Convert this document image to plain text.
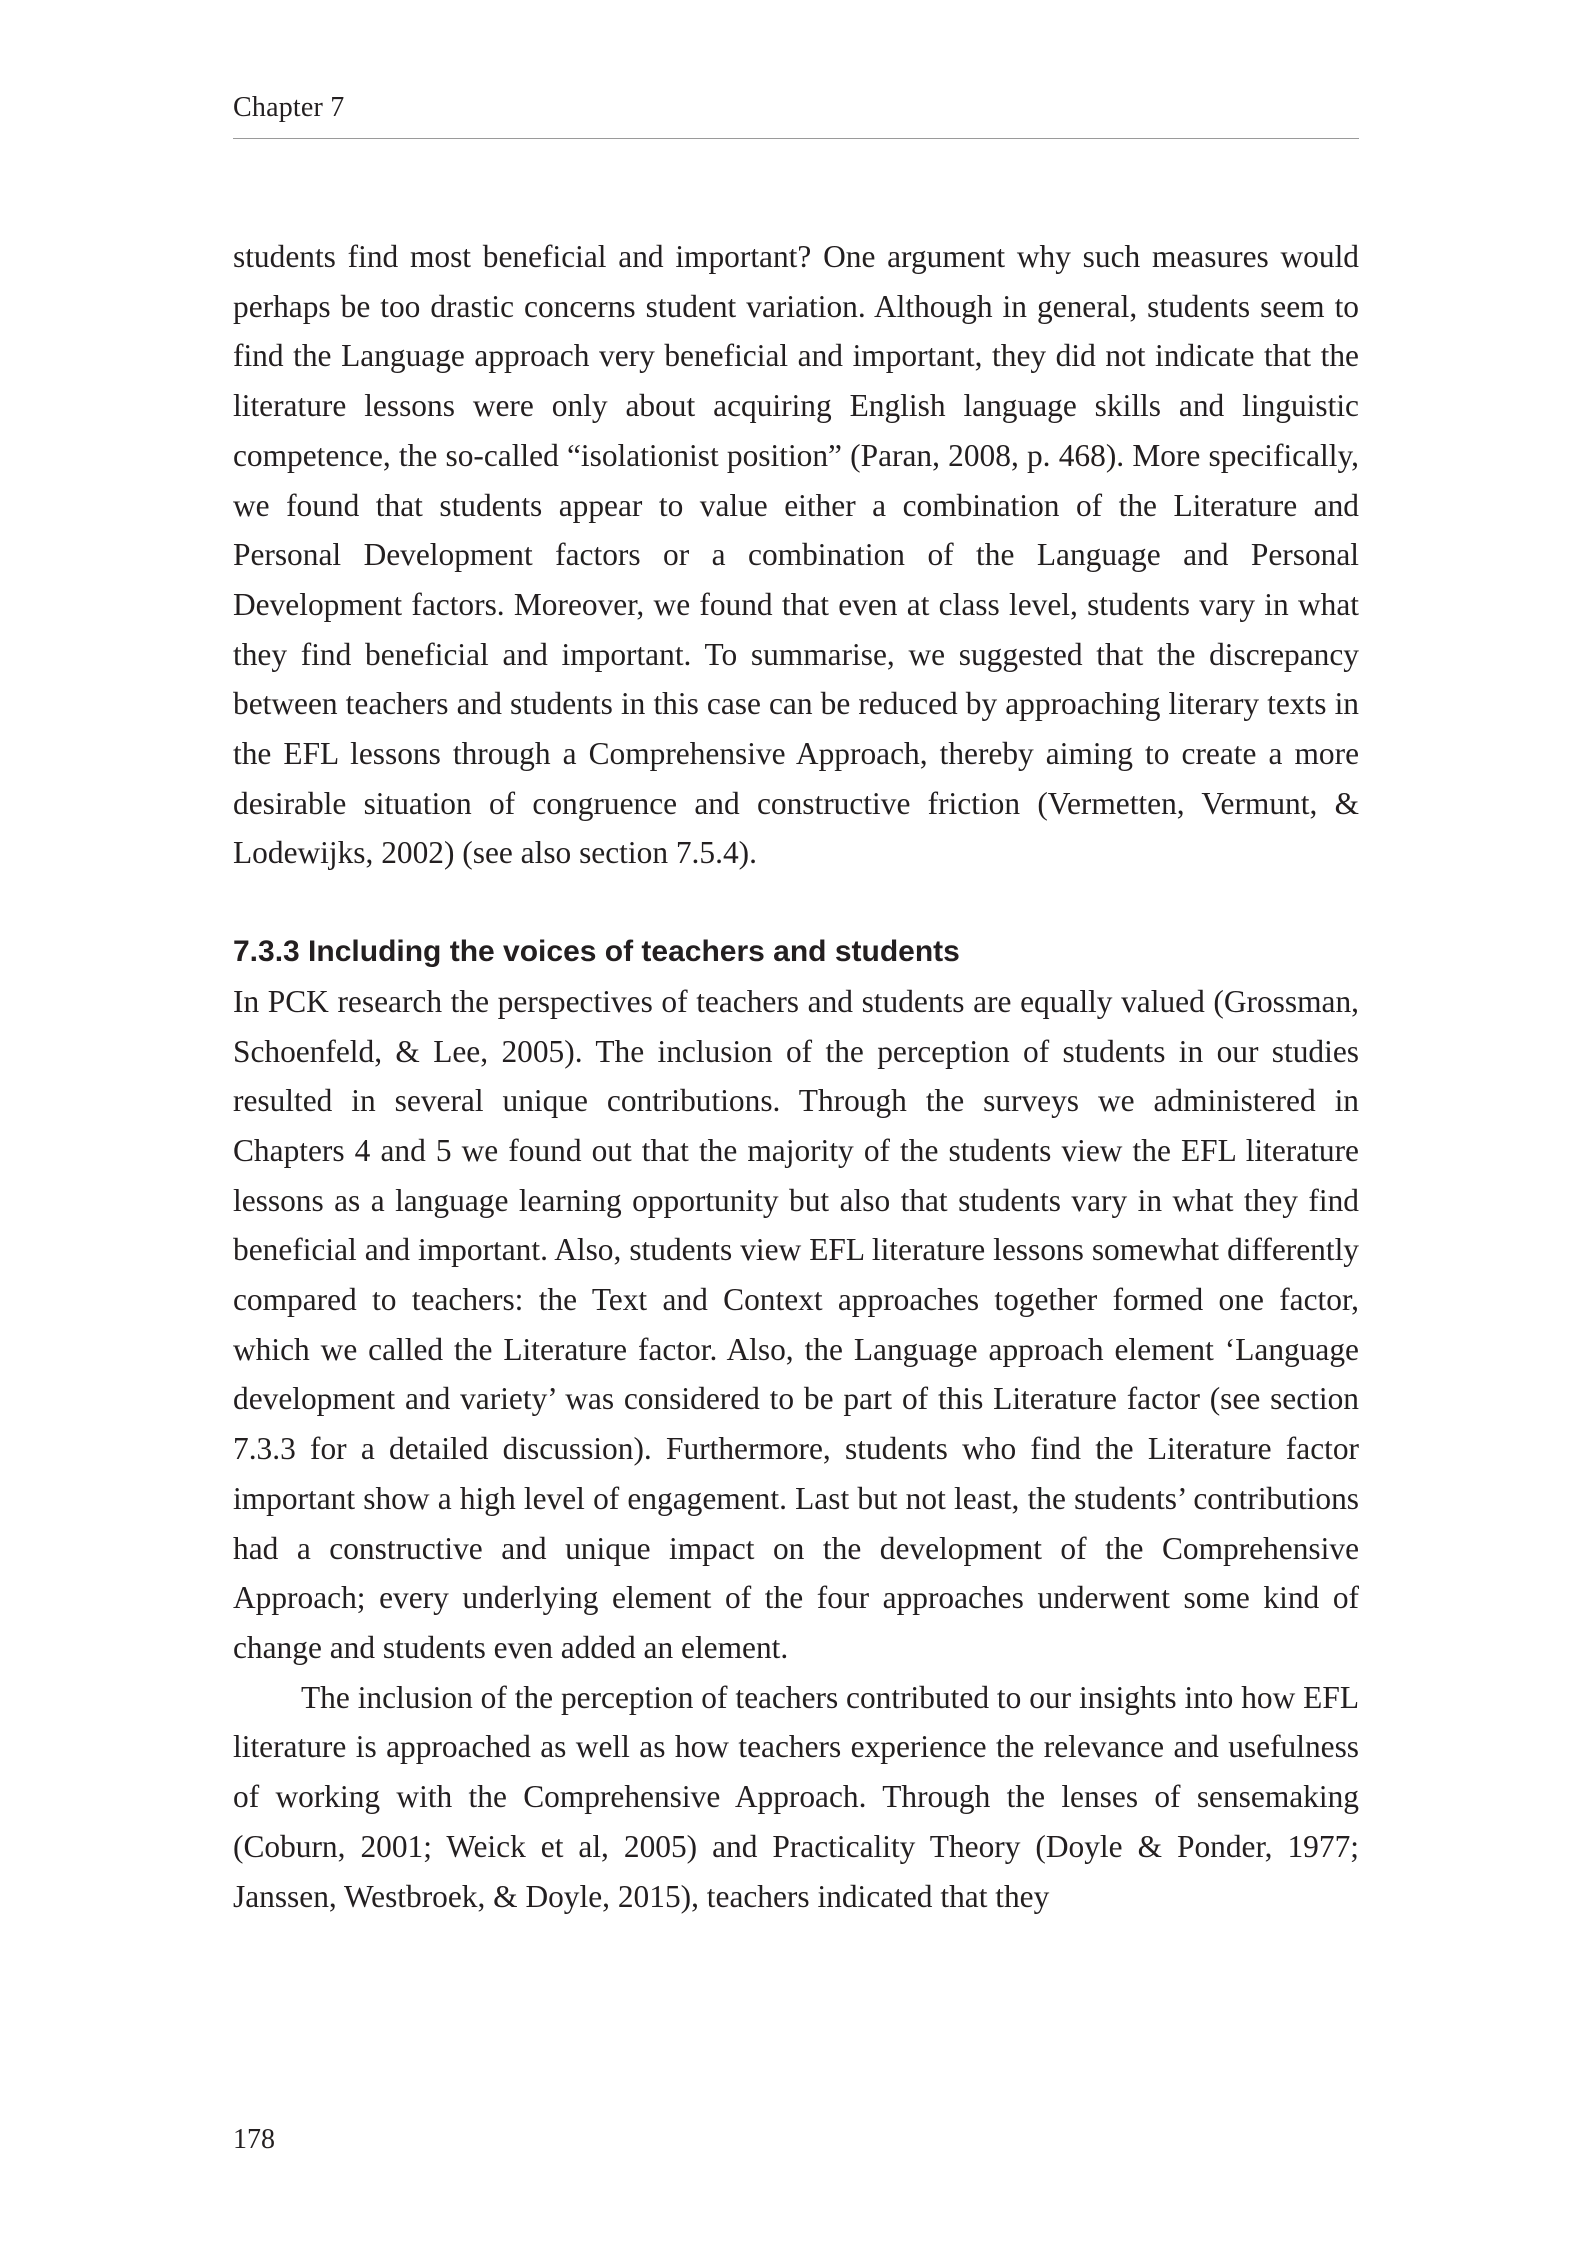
Chapter 7

students find most beneficial and important? One argument why such measures would perhaps be too drastic concerns student variation. Although in general, students seem to find the Language approach very beneficial and important, they did not indicate that the literature lessons were only about acquiring English language skills and linguistic competence, the so-called “isolationist position” (Paran, 2008, p. 468). More specifically, we found that students appear to value either a combination of the Literature and Personal Development factors or a combination of the Language and Personal Development factors. Moreover, we found that even at class level, students vary in what they find beneficial and important. To summarise, we suggested that the discrepancy between teachers and students in this case can be reduced by approaching literary texts in the EFL lessons through a Comprehensive Approach, thereby aiming to create a more desirable situation of congruence and constructive friction (Vermetten, Vermunt, & Lodewijks, 2002) (see also section 7.5.4).

7.3.3 Including the voices of teachers and students

In PCK research the perspectives of teachers and students are equally valued (Grossman, Schoenfeld, & Lee, 2005). The inclusion of the perception of students in our studies resulted in several unique contributions. Through the surveys we administered in Chapters 4 and 5 we found out that the majority of the students view the EFL literature lessons as a language learning opportunity but also that students vary in what they find beneficial and important. Also, students view EFL literature lessons somewhat differently compared to teachers: the Text and Context approaches together formed one factor, which we called the Literature factor. Also, the Language approach element ‘Language development and variety’ was considered to be part of this Literature factor (see section 7.3.3 for a detailed discussion). Furthermore, students who find the Literature factor important show a high level of engagement. Last but not least, the students’ contributions had a constructive and unique impact on the development of the Comprehensive Approach; every underlying element of the four approaches underwent some kind of change and students even added an element.

The inclusion of the perception of teachers contributed to our insights into how EFL literature is approached as well as how teachers experience the relevance and usefulness of working with the Comprehensive Approach. Through the lenses of sensemaking (Coburn, 2001; Weick et al, 2005) and Practicality Theory (Doyle & Ponder, 1977; Janssen, Westbroek, & Doyle, 2015), teachers indicated that they

178
